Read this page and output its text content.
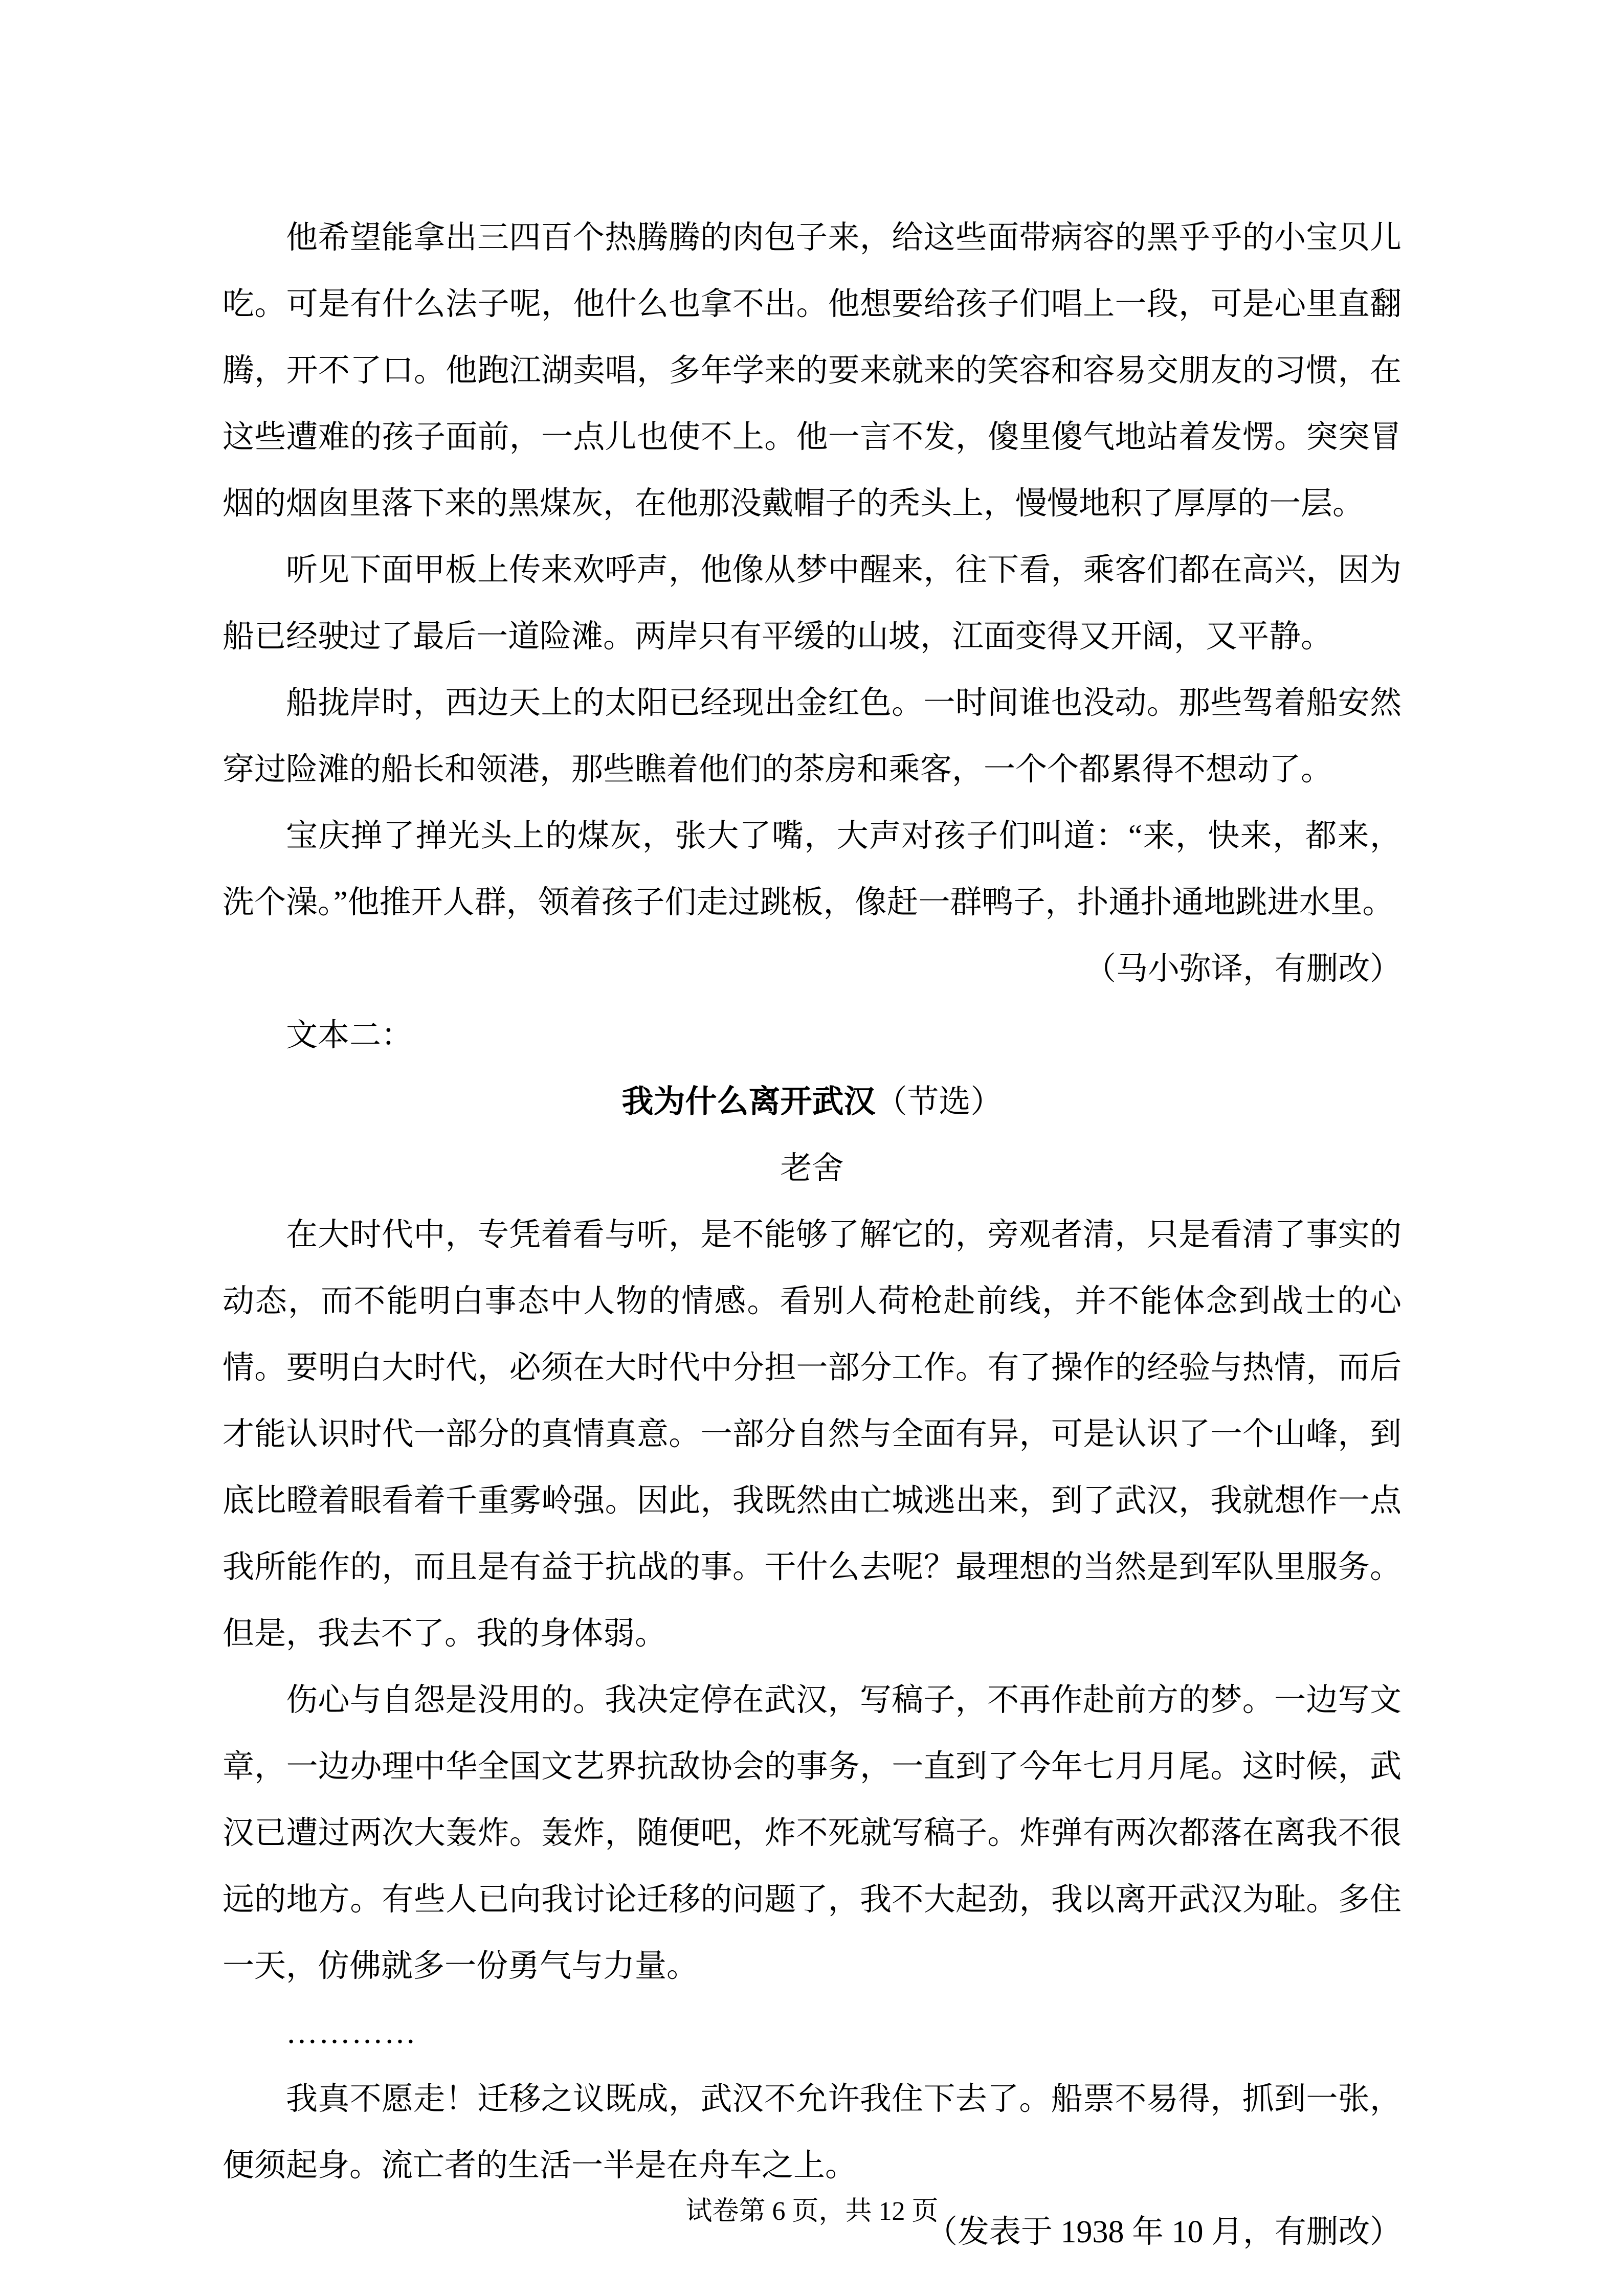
他希望能拿出三四百个热腾腾的肉包子来，给这些面带病容的黑乎乎的小宝贝儿吃。可是有什么法子呢，他什么也拿不出。他想要给孩子们唱上一段，可是心里直翻腾，开不了口。他跑江湖卖唱，多年学来的要来就来的笑容和容易交朋友的习惯，在这些遭难的孩子面前，一点儿也使不上。他一言不发，傻里傻气地站着发愣。突突冒烟的烟囱里落下来的黑煤灰，在他那没戴帽子的秃头上，慢慢地积了厚厚的一层。

听见下面甲板上传来欢呼声，他像从梦中醒来，往下看，乘客们都在高兴，因为船已经驶过了最后一道险滩。两岸只有平缓的山坡，江面变得又开阔，又平静。

船拢岸时，西边天上的太阳已经现出金红色。一时间谁也没动。那些驾着船安然穿过险滩的船长和领港，那些瞧着他们的茶房和乘客，一个个都累得不想动了。

宝庆掸了掸光头上的煤灰，张大了嘴，大声对孩子们叫道：“来，快来，都来，洗个澡。”他推开人群，领着孩子们走过跳板，像赶一群鸭子，扑通扑通地跳进水里。

（马小弥译，有删改）

文本二：

我为什么离开武汉（节选）

老舍

在大时代中，专凭着看与听，是不能够了解它的，旁观者清，只是看清了事实的动态，而不能明白事态中人物的情感。看别人荷枪赴前线，并不能体念到战士的心情。要明白大时代，必须在大时代中分担一部分工作。有了操作的经验与热情，而后才能认识时代一部分的真情真意。一部分自然与全面有异，可是认识了一个山峰，到底比瞪着眼看着千重雾岭强。因此，我既然由亡城逃出来，到了武汉，我就想作一点我所能作的，而且是有益于抗战的事。干什么去呢？最理想的当然是到军队里服务。但是，我去不了。我的身体弱。

伤心与自怨是没用的。我决定停在武汉，写稿子，不再作赴前方的梦。一边写文章，一边办理中华全国文艺界抗敌协会的事务，一直到了今年七月月尾。这时候，武汉已遭过两次大轰炸。轰炸，随便吧，炸不死就写稿子。炸弹有两次都落在离我不很远的地方。有些人已向我讨论迁移的问题了，我不大起劲，我以离开武汉为耻。多住一天，仿佛就多一份勇气与力量。

…………

我真不愿走！迁移之议既成，武汉不允许我住下去了。船票不易得，抓到一张，便须起身。流亡者的生活一半是在舟车之上。

（发表于 1938 年 10 月，有删改）

试卷第 6 页，共 12 页
